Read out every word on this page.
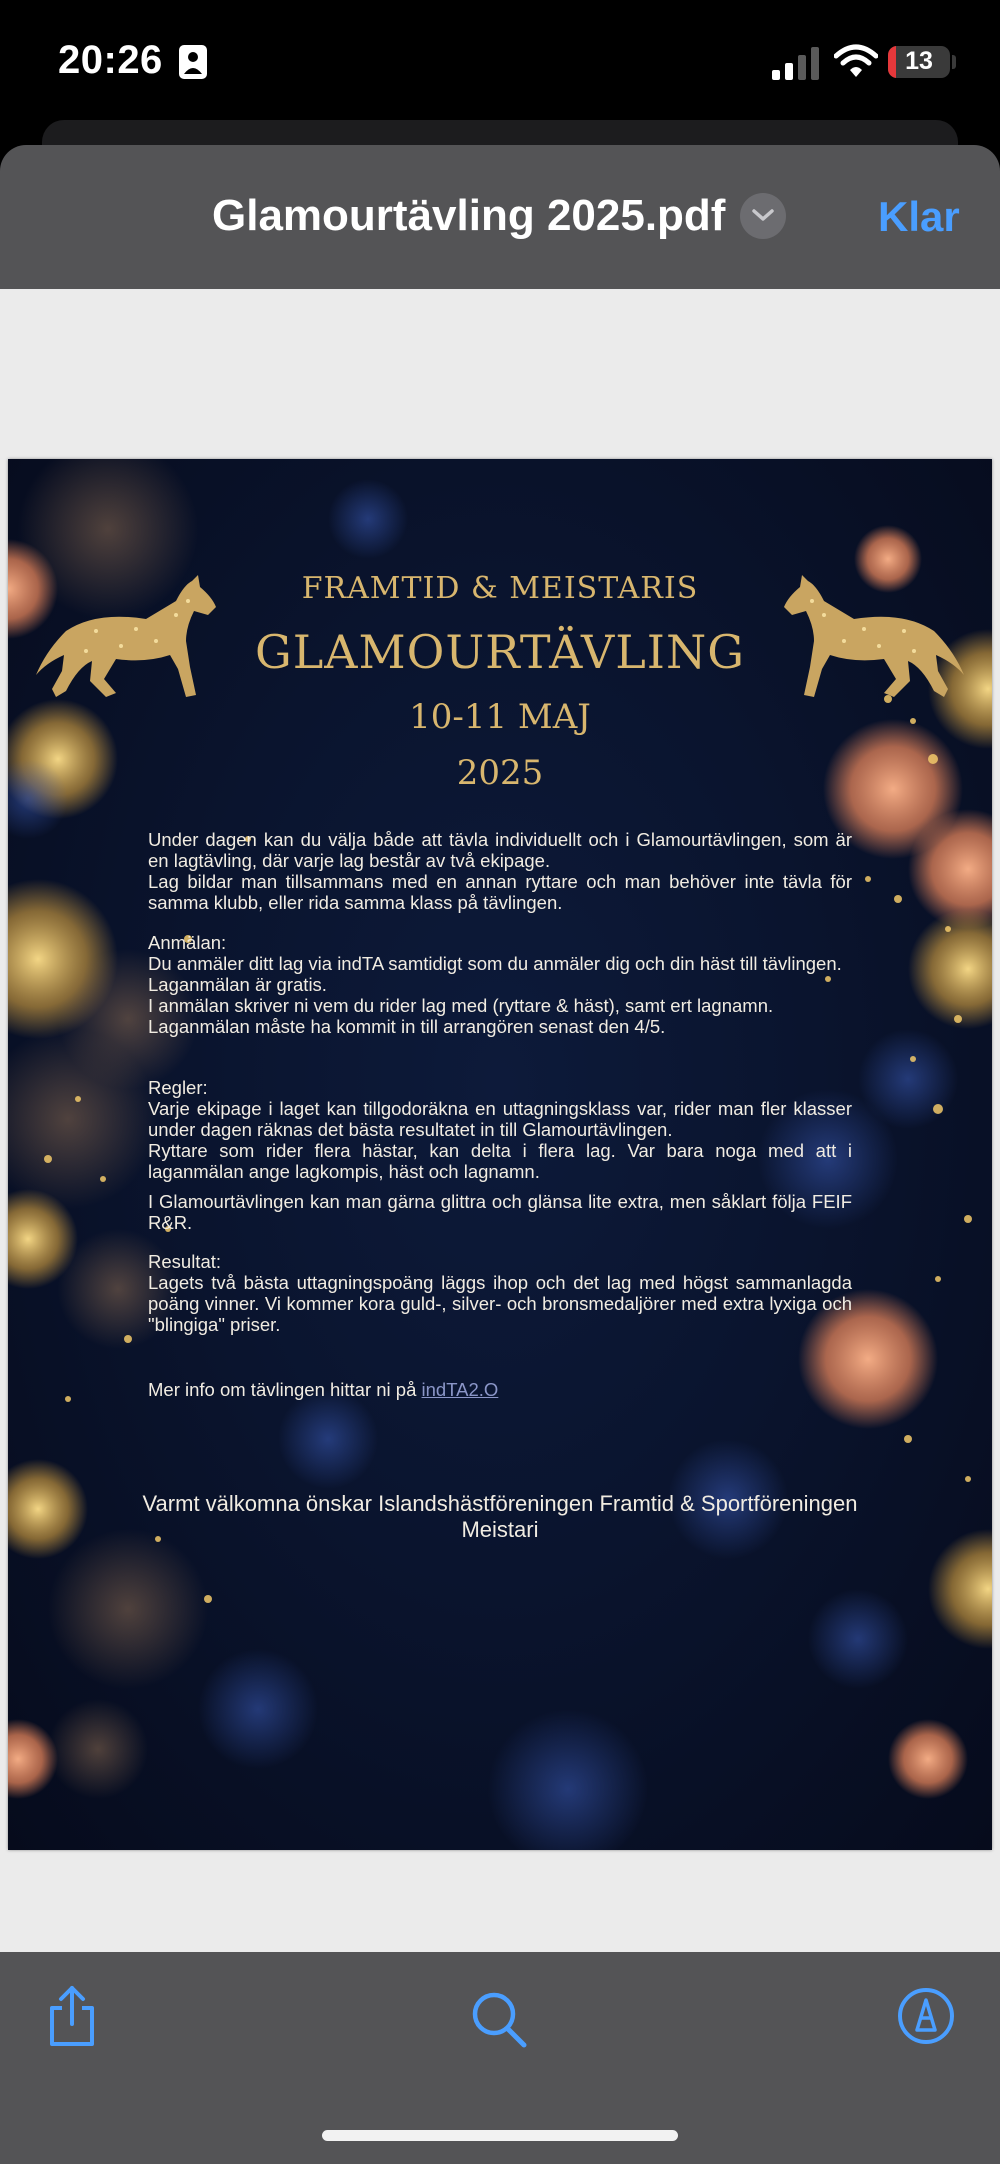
20:26	13
Glamourtävling 2025.pdf	Klar
FRAMTID & MEISTARIS
GLAMOURTÄVLING
10-11 MAJ
2025

Under dagen kan du välja både att tävla individuellt och i Glamourtävlingen, som är en lagtävling, där varje lag består av två ekipage.

Lag bildar man tillsammans med en annan ryttare och man behöver inte tävla för samma klubb, eller rida samma klass på tävlingen.

Anmälan:

Du anmäler ditt lag via indTA samtidigt som du anmäler dig och din häst till tävlingen.

Laganmälan är gratis.

I anmälan skriver ni vem du rider lag med (ryttare & häst), samt ert lagnamn.

Laganmälan måste ha kommit in till arrangören senast den 4/5.

Regler:

Varje ekipage i laget kan tillgodoräkna en uttagningsklass var, rider man fler klasser under dagen räknas det bästa resultatet in till Glamourtävlingen.

Ryttare som rider flera hästar, kan delta i flera lag. Var bara noga med att i laganmälan ange lagkompis, häst och lagnamn.

I Glamourtävlingen kan man gärna glittra och glänsa lite extra, men såklart följa FEIF R&R.

Resultat:

Lagets två bästa uttagningspoäng läggs ihop och det lag med högst sammanlagda poäng vinner. Vi kommer kora guld-, silver- och bronsmedaljörer med extra lyxiga och "blingiga" priser.

Mer info om tävlingen hittar ni på indTA2.O
Varmt välkomna önskar Islandshästföreningen Framtid & Sportföreningen Meistari
